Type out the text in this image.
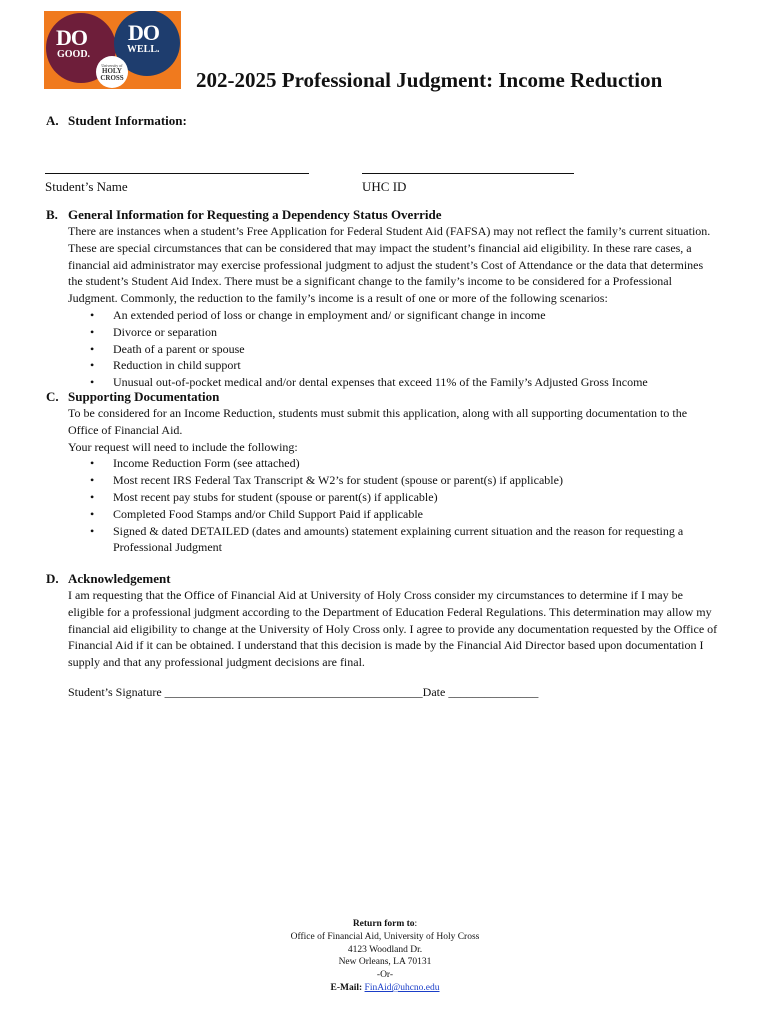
DO
GOOD.
DO
WELL.
University of
HOLY
CROSS	202-2025 Professional Judgment: Income Reduction
A. Student Information:
Student’s Name	UHC ID
B. General Information for Requesting a Dependency Status Override

There are instances when a student’s Free Application for Federal Student Aid (FAFSA) may not reflect the family’s current situation. These are special circumstances that can be considered that may impact the student’s financial aid eligibility. In these rare cases, a financial aid administrator may exercise professional judgment to adjust the student’s Cost of Attendance or the data that determines the student’s Student Aid Index. There must be a significant change to the family’s income to be considered for a Professional Judgment. Commonly, the reduction to the family’s income is a result of one or more of the following scenarios:

• An extended period of loss or change in employment and/ or significant change in income
• Divorce or separation
• Death of a parent or spouse
• Reduction in child support
• Unusual out-of-pocket medical and/or dental expenses that exceed 11% of the Family’s Adjusted Gross Income
C. Supporting Documentation

To be considered for an Income Reduction, students must submit this application, along with all supporting documentation to the Office of Financial Aid.

Your request will need to include the following:

• Income Reduction Form (see attached)
• Most recent IRS Federal Tax Transcript & W2’s for student (spouse or parent(s) if applicable)
• Most recent pay stubs for student (spouse or parent(s) if applicable)
• Completed Food Stamps and/or Child Support Paid if applicable
• Signed & dated DETAILED (dates and amounts) statement explaining current situation and the reason for requesting a Professional Judgment
D. Acknowledgement

I am requesting that the Office of Financial Aid at University of Holy Cross consider my circumstances to determine if I may be eligible for a professional judgment according to the Department of Education Federal Regulations. This determination may allow my financial aid eligibility to change at the University of Holy Cross only. I agree to provide any documentation requested by the Office of Financial Aid if it can be obtained. I understand that this decision is made by the Financial Aid Director based upon documentation I supply and that any professional judgment decisions are final.

Student’s Signature ___________________________________________Date _______________
Return form to:
Office of Financial Aid, University of Holy Cross
4123 Woodland Dr.
New Orleans, LA 70131
-Or-
E-Mail: FinAid@uhcno.edu
